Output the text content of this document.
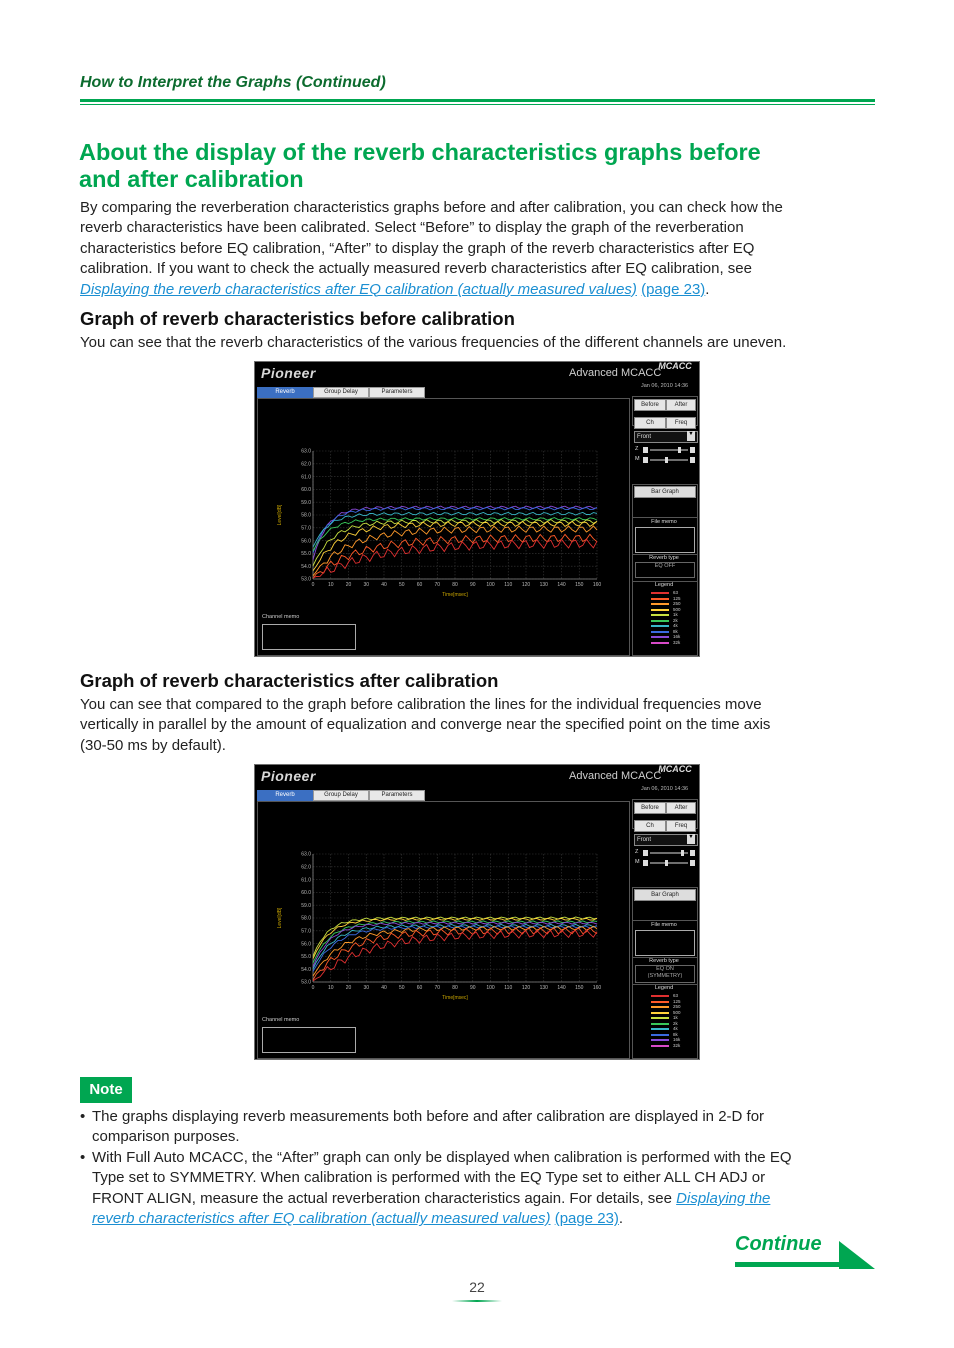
How to Interpret the Graphs (Continued)
About the display of the reverb characteristics graphs before
and after calibration
By comparing the reverberation characteristics graphs before and after calibration, you can check how the
reverb characteristics have been calibrated. Select “Before” to display the graph of the reverberation
characteristics before EQ calibration, “After” to display the graph of the reverb characteristics after EQ
calibration. If you want to check the actually measured reverb characteristics after EQ calibration, see
Displaying the reverb characteristics after EQ calibration (actually measured values) (page 23).
Graph of reverb characteristics before calibration
You can see that the reverb characteristics of the various frequencies of the different channels are uneven.
Pioneer	Advanced MCACC
MCACC
Jan 06, 2010 14:36
Reverb	Group Delay	Parameters
0	10 20 30 40 50 60 70 80 90 100 110 120 130 140 150 160
53.0
54.0
55.0
56.0
57.0
58.0
59.0
60.0
61.0
62.0
63.0
Level[dB]
Time[msec]
Channel memo
Before	After
Ch	Freq
Front	▼
Z
M
Bar Graph
File memo
Reverb type
EQ OFF
Legend
63
125
250
500
1k
2k
4k
8k
16k
32k
Graph of reverb characteristics after calibration
You can see that compared to the graph before calibration the lines for the individual frequencies move
vertically in parallel by the amount of equalization and converge near the specified point on the time axis
(30-50 ms by default).
Pioneer	Advanced MCACC
MCACC
Jan 06, 2010 14:36
Reverb	Group Delay	Parameters
0	10 20 30 40 50 60 70 80 90 100 110 120 130 140 150 160
53.0
54.0
55.0
56.0
57.0
58.0
59.0
60.0
61.0
62.0
63.0
Level[dB]
Time[msec]
Channel memo
Before	After
Ch	Freq
Front	▼
Z
M
Bar Graph
File memo
Reverb type
EQ ON
(SYMMETRY)
Legend
63
125
250
500
1k
2k
4k
8k
16k
32k
Note
• The graphs displaying reverb measurements both before and after calibration are displayed in 2-D for
comparison purposes.
• With Full Auto MCACC, the “After” graph can only be displayed when calibration is performed with the EQ
Type set to SYMMETRY. When calibration is performed with the EQ Type set to either ALL CH ADJ or
FRONT ALIGN, measure the actual reverberation characteristics again. For details, see Displaying the
reverb characteristics after EQ calibration (actually measured values) (page 23).
Continue
22
